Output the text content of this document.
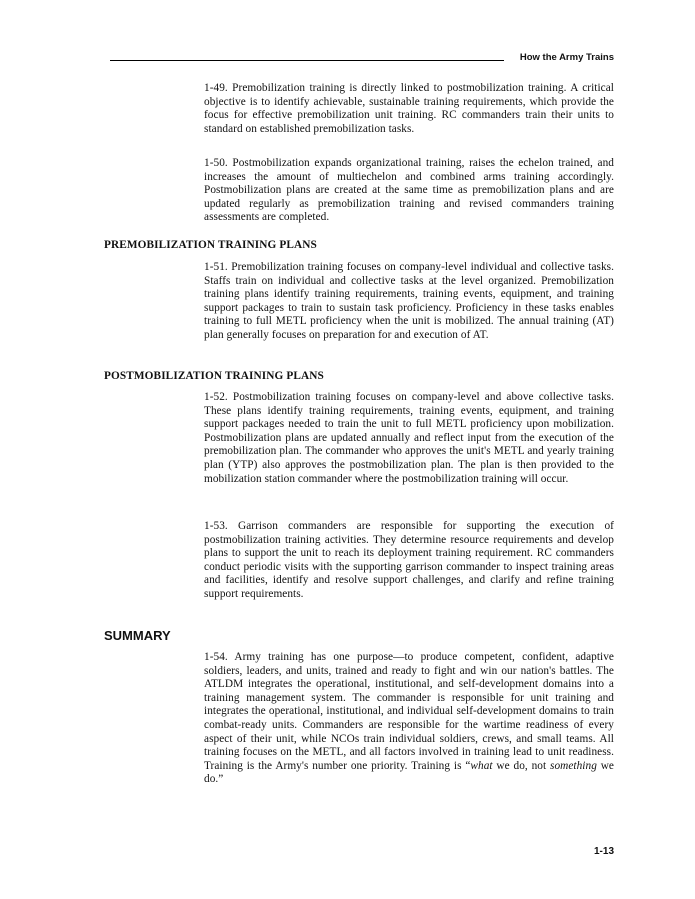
How the Army Trains

1-49. Premobilization training is directly linked to postmobilization training. A critical objective is to identify achievable, sustainable training requirements, which provide the focus for effective premobilization unit training. RC commanders train their units to standard on established premobilization tasks.

1-50. Postmobilization expands organizational training, raises the echelon trained, and increases the amount of multiechelon and combined arms training accordingly. Postmobilization plans are created at the same time as premobilization plans and are updated regularly as premobilization training and revised commanders training assessments are completed.

PREMOBILIZATION TRAINING PLANS

1-51. Premobilization training focuses on company-level individual and collective tasks. Staffs train on individual and collective tasks at the level organized. Premobilization training plans identify training requirements, training events, equipment, and training support packages to train to sustain task proficiency. Proficiency in these tasks enables training to full METL proficiency when the unit is mobilized. The annual training (AT) plan generally focuses on preparation for and execution of AT.

POSTMOBILIZATION TRAINING PLANS

1-52. Postmobilization training focuses on company-level and above collective tasks. These plans identify training requirements, training events, equipment, and training support packages needed to train the unit to full METL proficiency upon mobilization. Postmobilization plans are updated annually and reflect input from the execution of the premobilization plan. The commander who approves the unit's METL and yearly training plan (YTP) also approves the postmobilization plan. The plan is then provided to the mobilization station commander where the postmobilization training will occur.

1-53. Garrison commanders are responsible for supporting the execution of postmobilization training activities. They determine resource requirements and develop plans to support the unit to reach its deployment training requirement. RC commanders conduct periodic visits with the supporting garrison commander to inspect training areas and facilities, identify and resolve support challenges, and clarify and refine training support requirements.

SUMMARY

1-54. Army training has one purpose—to produce competent, confident, adaptive soldiers, leaders, and units, trained and ready to fight and win our nation's battles. The ATLDM integrates the operational, institutional, and self-development domains into a training management system. The commander is responsible for unit training and integrates the operational, institutional, and individual self-development domains to train combat-ready units. Commanders are responsible for the wartime readiness of every aspect of their unit, while NCOs train individual soldiers, crews, and small teams. All training focuses on the METL, and all factors involved in training lead to unit readiness. Training is the Army's number one priority. Training is “what we do, not something we do.”

1-13
